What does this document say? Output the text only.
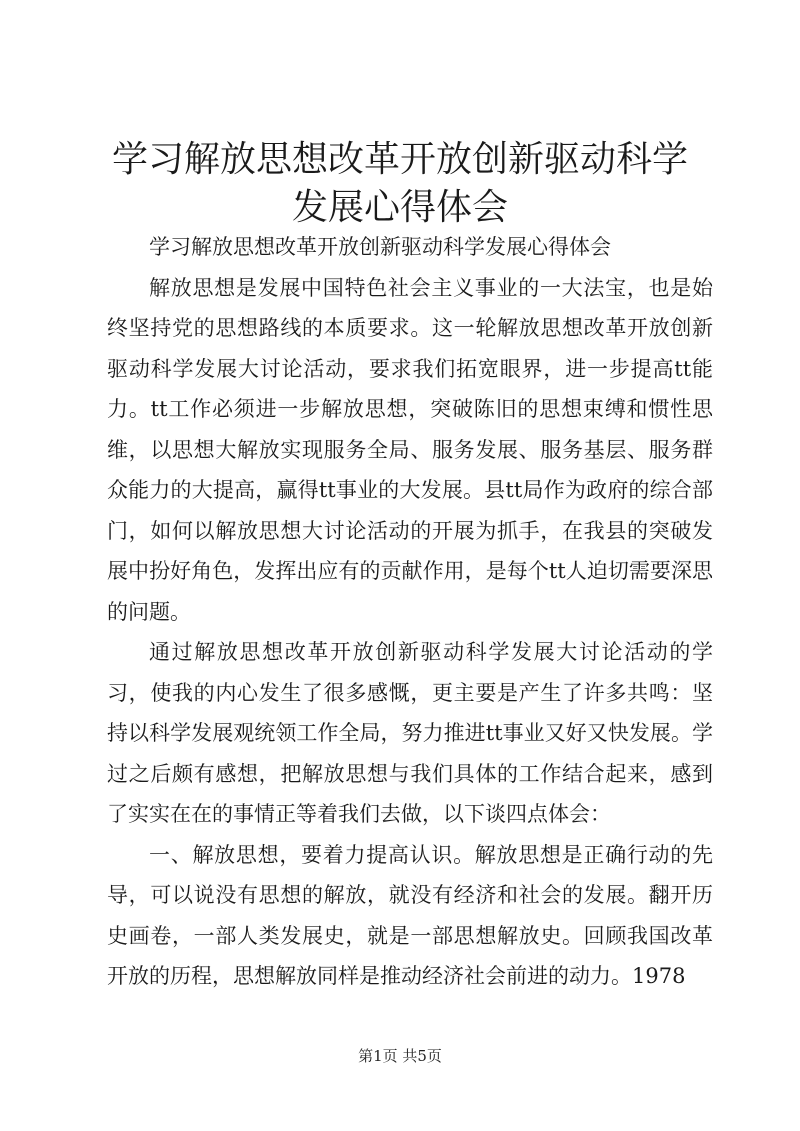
学习解放思想改革开放创新驱动科学发展心得体会

学习解放思想改革开放创新驱动科学发展心得体会

解放思想是发展中国特色社会主义事业的一大法宝，也是始终坚持党的思想路线的本质要求。这一轮解放思想改革开放创新驱动科学发展大讨论活动，要求我们拓宽眼界，进一步提高tt能力。tt工作必须进一步解放思想，突破陈旧的思想束缚和惯性思维，以思想大解放实现服务全局、服务发展、服务基层、服务群众能力的大提高，赢得tt事业的大发展。县tt局作为政府的综合部门，如何以解放思想大讨论活动的开展为抓手，在我县的突破发展中扮好角色，发挥出应有的贡献作用，是每个tt人迫切需要深思的问题。

通过解放思想改革开放创新驱动科学发展大讨论活动的学习，使我的内心发生了很多感慨，更主要是产生了许多共鸣：坚持以科学发展观统领工作全局，努力推进tt事业又好又快发展。学过之后颇有感想，把解放思想与我们具体的工作结合起来，感到了实实在在的事情正等着我们去做，以下谈四点体会：

一、解放思想，要着力提高认识。解放思想是正确行动的先导，可以说没有思想的解放，就没有经济和社会的发展。翻开历史画卷，一部人类发展史，就是一部思想解放史。回顾我国改革开放的历程，思想解放同样是推动经济社会前进的动力。1978

第1页 共5页
